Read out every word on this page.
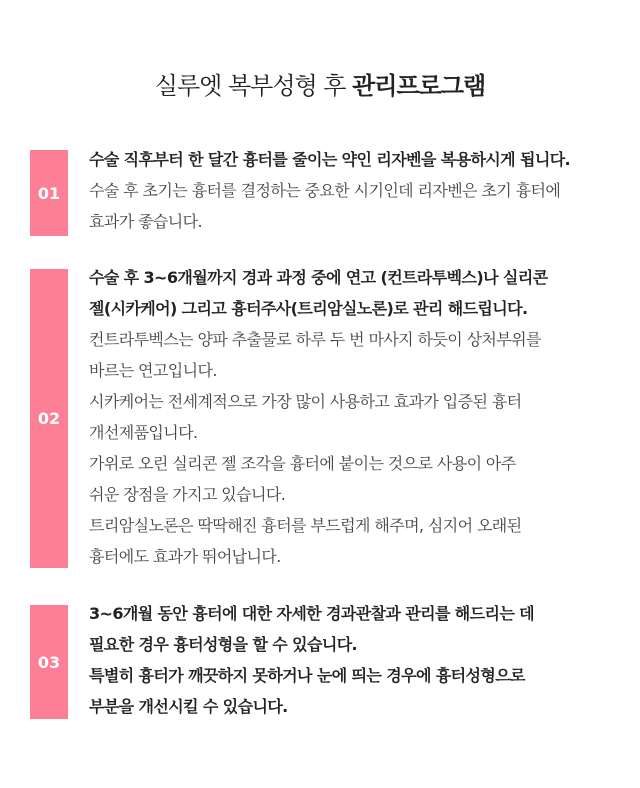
실루엣 복부성형 후 관리프로그램
01
수술 직후부터 한 달간 흉터를 줄이는 약인 리자벤을 복용하시게 됩니다.
수술 후 초기는 흉터를 결정하는 중요한 시기인데 리자벤은 초기 흉터에
효과가 좋습니다.
02
수술 후 3~6개월까지 경과 과정 중에 연고 (컨트라투벡스)나 실리콘
젤(시카케어) 그리고 흉터주사(트리암실노론)로 관리 해드립니다.
컨트라투벡스는 양파 추출물로 하루 두 번 마사지 하듯이 상처부위를
바르는 연고입니다.
시카케어는 전세계적으로 가장 많이 사용하고 효과가 입증된 흉터
개선제품입니다.
가위로 오린 실리콘 젤 조각을 흉터에 붙이는 것으로 사용이 아주
쉬운 장점을 가지고 있습니다.
트리암실노론은 딱딱해진 흉터를 부드럽게 해주며, 심지어 오래된
흉터에도 효과가 뛰어납니다.
03
3~6개월 동안 흉터에 대한 자세한 경과관찰과 관리를 해드리는 데
필요한 경우 흉터성형을 할 수 있습니다.
특별히 흉터가 깨끗하지 못하거나 눈에 띄는 경우에 흉터성형으로
부분을 개선시킬 수 있습니다.
